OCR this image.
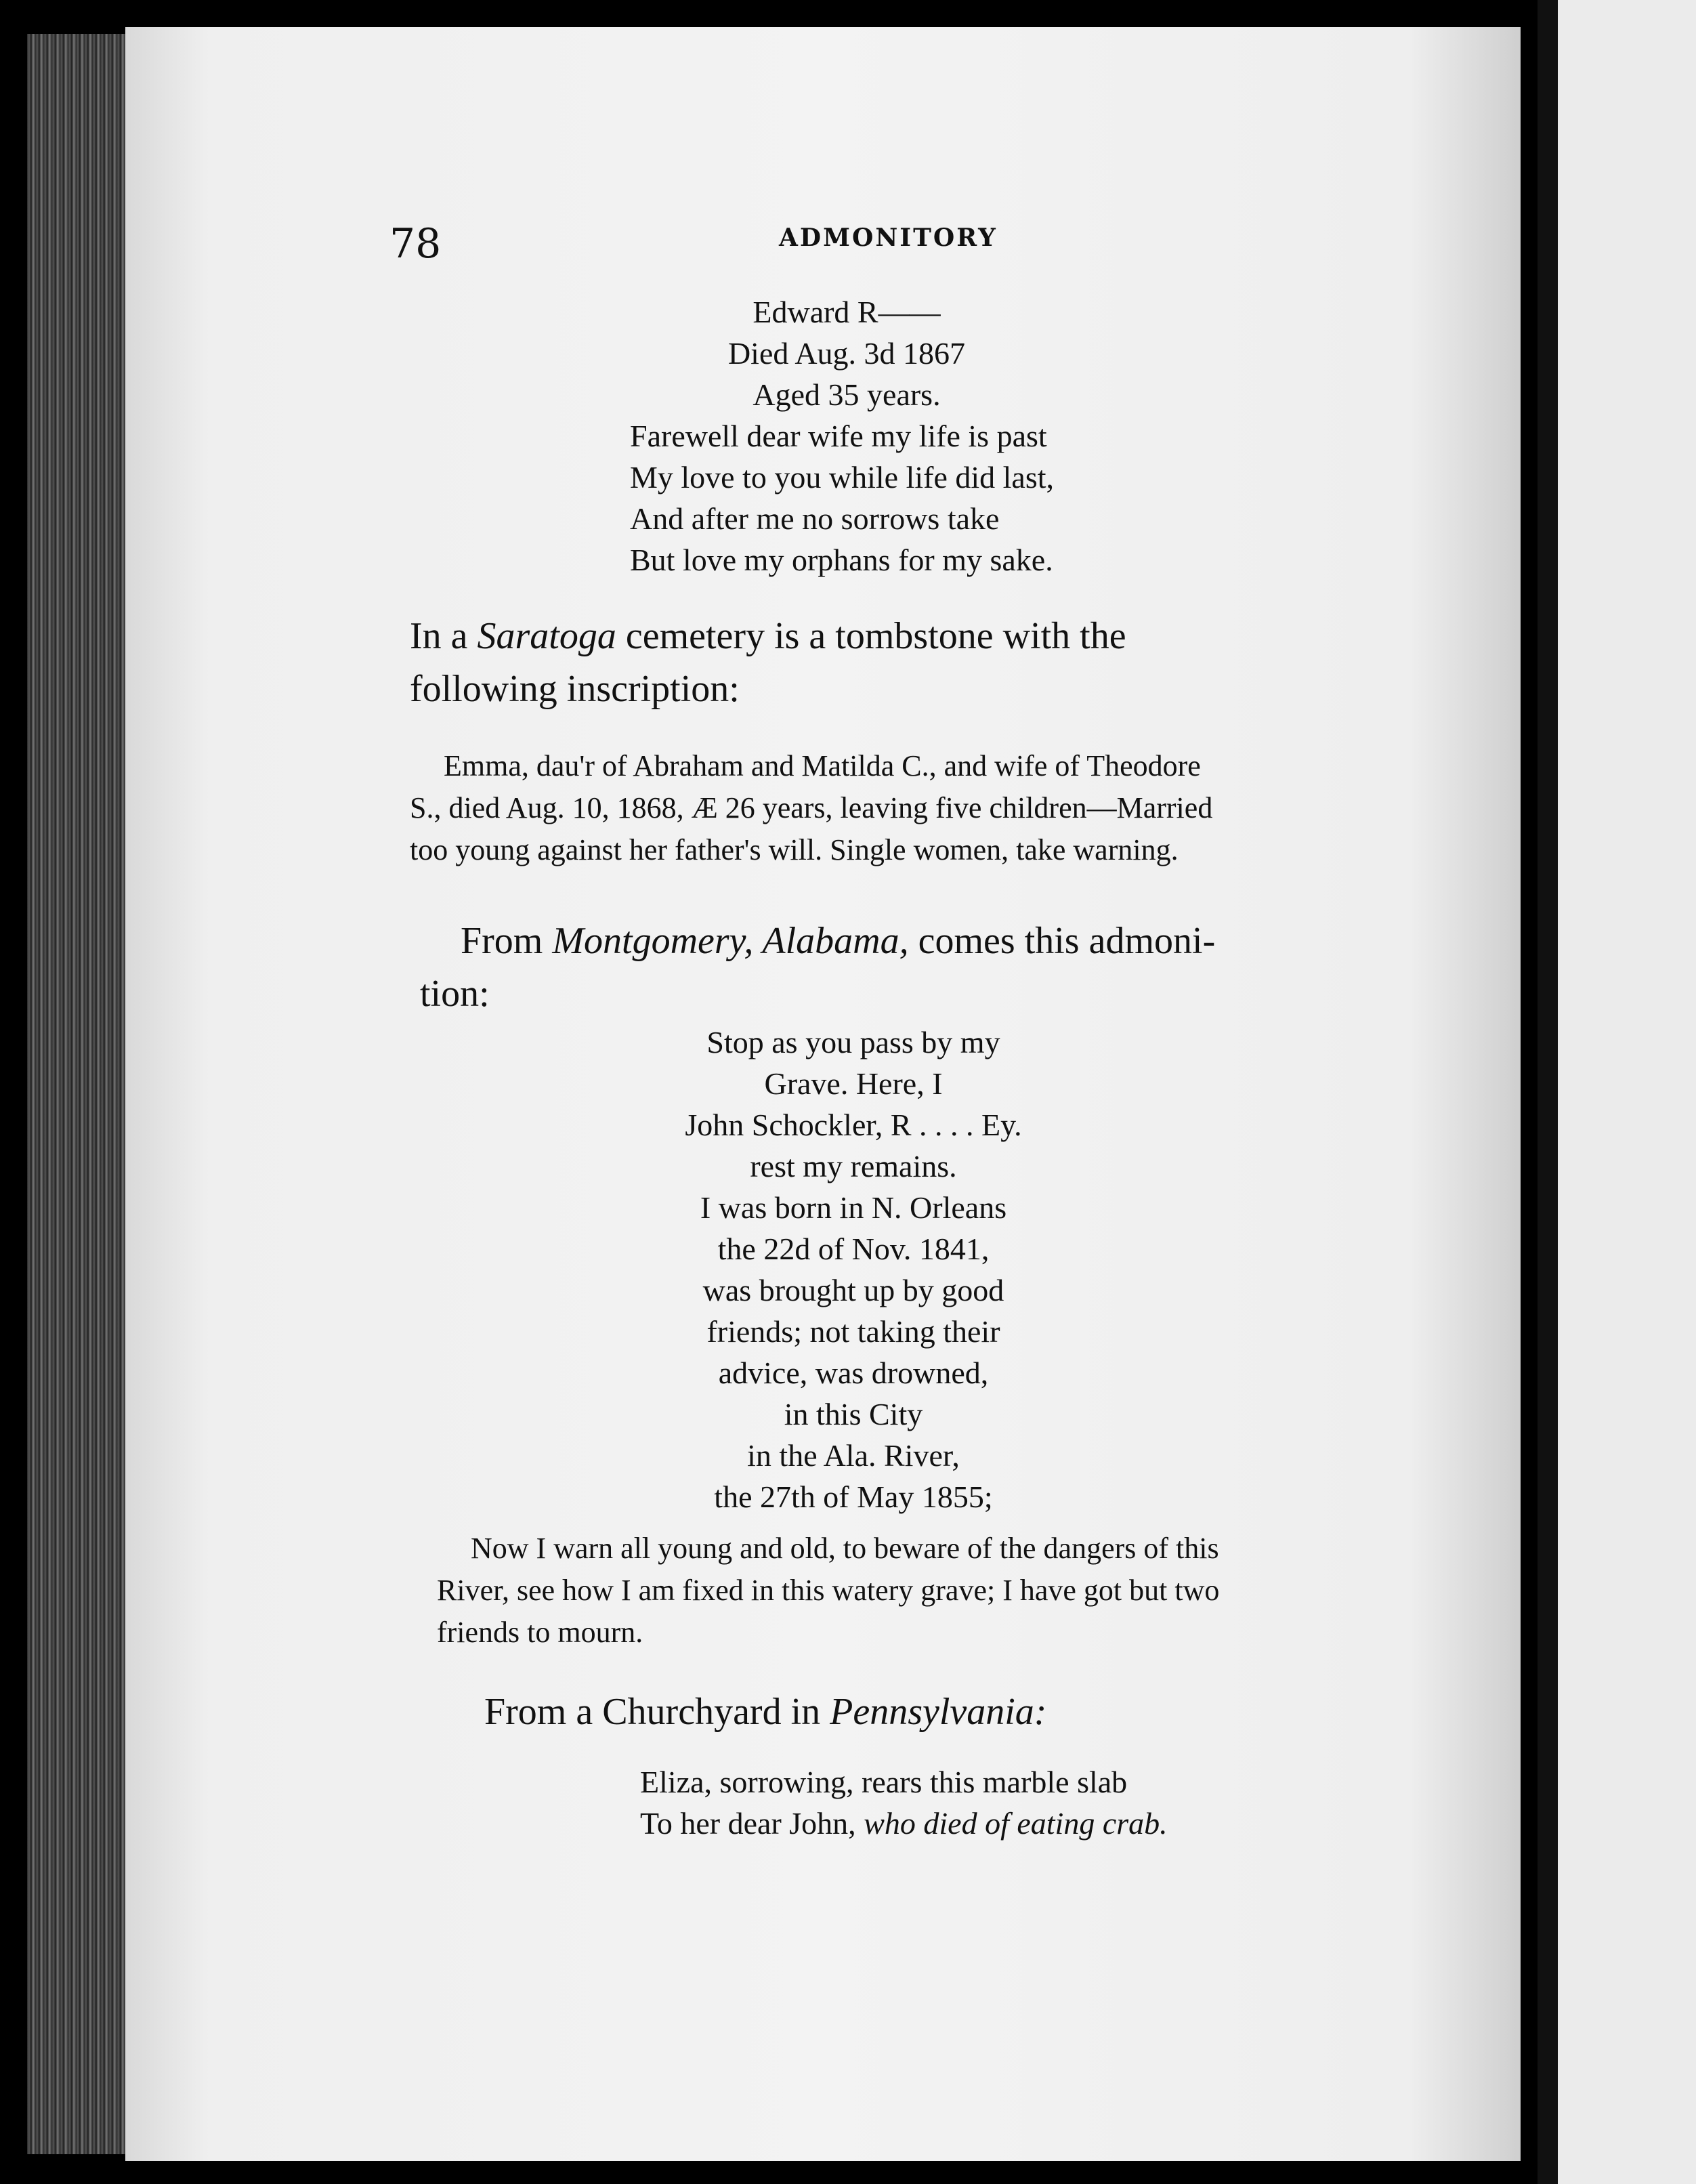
78	ADMONITORY
Edward R——
Died Aug. 3d 1867
Aged 35 years.
Farewell dear wife my life is past
My love to you while life did last,
And after me no sorrows take
But love my orphans for my sake.
In a Saratoga cemetery is a tombstone with the
following inscription:
Emma, dau'r of Abraham and Matilda C., and wife of Theodore
S., died Aug. 10, 1868, Æ 26 years, leaving five children—Married
too young against her father's will. Single women, take warning.
From Montgomery, Alabama, comes this admoni-
tion:
Stop as you pass by my
Grave. Here, I
John Schockler, R . . . . Ey.
rest my remains.
I was born in N. Orleans
the 22d of Nov. 1841,
was brought up by good
friends; not taking their
advice, was drowned,
in this City
in the Ala. River,
the 27th of May 1855;
Now I warn all young and old, to beware of the dangers of this
River, see how I am fixed in this watery grave; I have got but two
friends to mourn.
From a Churchyard in Pennsylvania:
Eliza, sorrowing, rears this marble slab
To her dear John, who died of eating crab.
